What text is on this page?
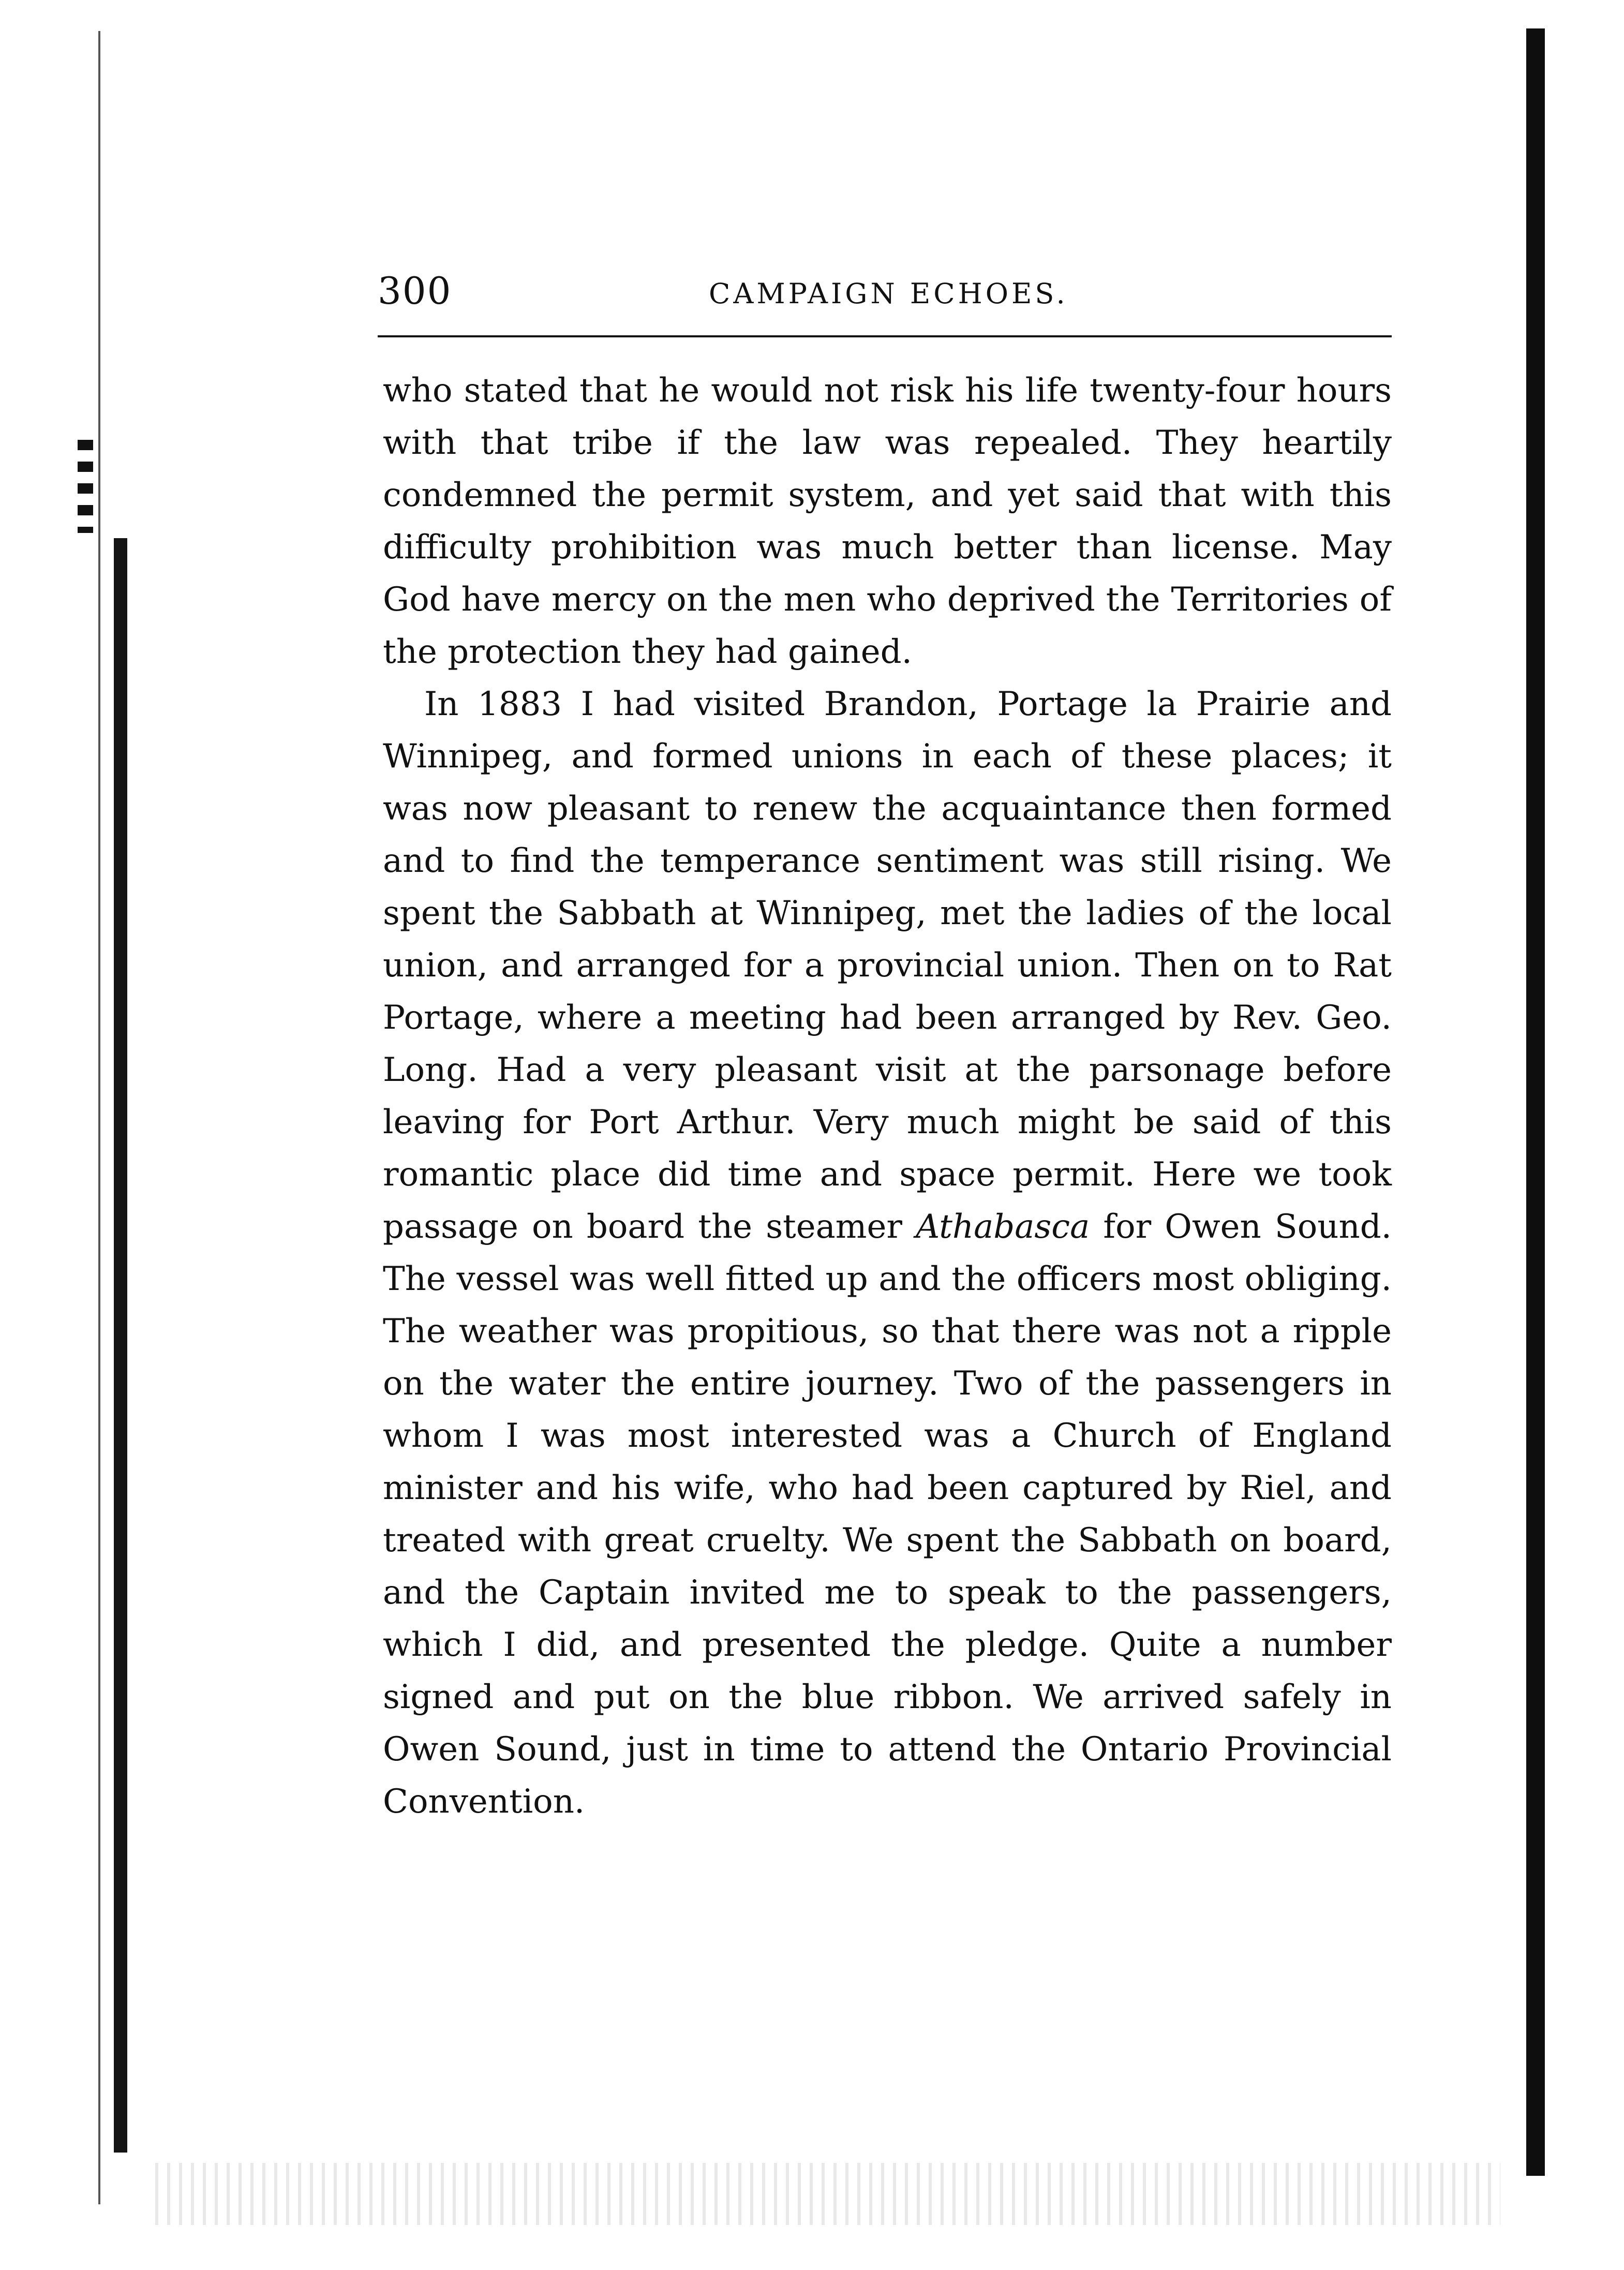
300	CAMPAIGN ECHOES.

who stated that he would not risk his life twenty-four hours with that tribe if the law was repealed. They heartily condemned the permit system, and yet said that with this difficulty prohibition was much better than license. May God have mercy on the men who deprived the Territories of the protection they had gained.

In 1883 I had visited Brandon, Portage la Prairie and Winnipeg, and formed unions in each of these places; it was now pleasant to renew the acquaintance then formed and to find the temperance sentiment was still rising. We spent the Sabbath at Winnipeg, met the ladies of the local union, and arranged for a provincial union. Then on to Rat Portage, where a meeting had been arranged by Rev. Geo. Long. Had a very pleasant visit at the parsonage before leaving for Port Arthur. Very much might be said of this romantic place did time and space permit. Here we took passage on board the steamer Athabasca for Owen Sound. The vessel was well fitted up and the officers most obliging. The weather was propitious, so that there was not a ripple on the water the entire journey. Two of the passengers in whom I was most interested was a Church of England minister and his wife, who had been captured by Riel, and treated with great cruelty. We spent the Sabbath on board, and the Captain invited me to speak to the passengers, which I did, and presented the pledge. Quite a number signed and put on the blue ribbon. We arrived safely in Owen Sound, just in time to attend the Ontario Provincial Convention.
